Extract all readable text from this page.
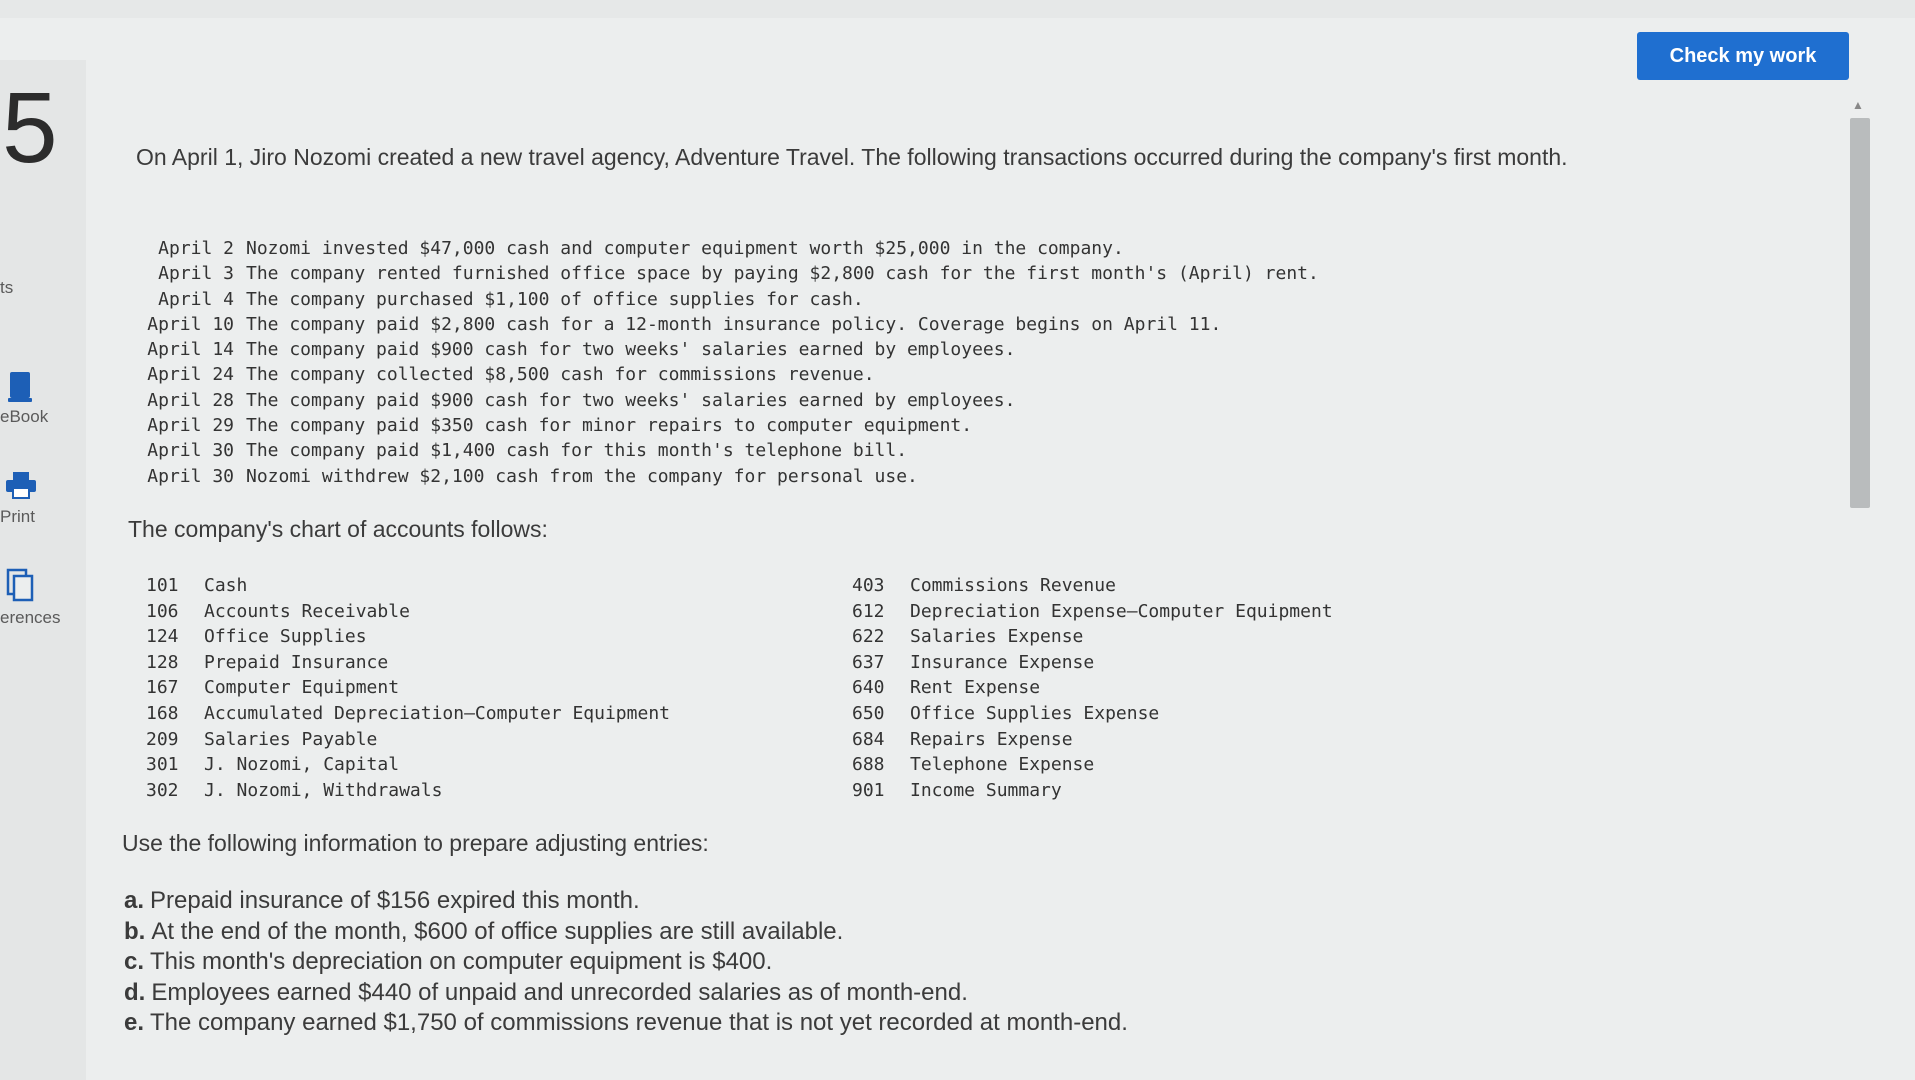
5
ts
eBook
Print
erences
Check my work
▲
On April 1, Jiro Nozomi created a new travel agency, Adventure Travel. The following transactions occurred during the company's first month.
April 2 Nozomi invested $47,000 cash and computer equipment worth $25,000 in the company.
April 3 The company rented furnished office space by paying $2,800 cash for the first month's (April) rent.
April 4 The company purchased $1,100 of office supplies for cash.
April 10 The company paid $2,800 cash for a 12-month insurance policy. Coverage begins on April 11.
April 14 The company paid $900 cash for two weeks' salaries earned by employees.
April 24 The company collected $8,500 cash for commissions revenue.
April 28 The company paid $900 cash for two weeks' salaries earned by employees.
April 29 The company paid $350 cash for minor repairs to computer equipment.
April 30 The company paid $1,400 cash for this month's telephone bill.
April 30 Nozomi withdrew $2,100 cash from the company for personal use.
The company's chart of accounts follows:
101 Cash
106 Accounts Receivable
124 Office Supplies
128 Prepaid Insurance
167 Computer Equipment
168 Accumulated Depreciation—Computer Equipment
209 Salaries Payable
301 J. Nozomi, Capital
302 J. Nozomi, Withdrawals
403 Commissions Revenue
612 Depreciation Expense—Computer Equipment
622 Salaries Expense
637 Insurance Expense
640 Rent Expense
650 Office Supplies Expense
684 Repairs Expense
688 Telephone Expense
901 Income Summary
Use the following information to prepare adjusting entries:
a. Prepaid insurance of $156 expired this month.
b. At the end of the month, $600 of office supplies are still available.
c. This month's depreciation on computer equipment is $400.
d. Employees earned $440 of unpaid and unrecorded salaries as of month-end.
e. The company earned $1,750 of commissions revenue that is not yet recorded at month-end.
